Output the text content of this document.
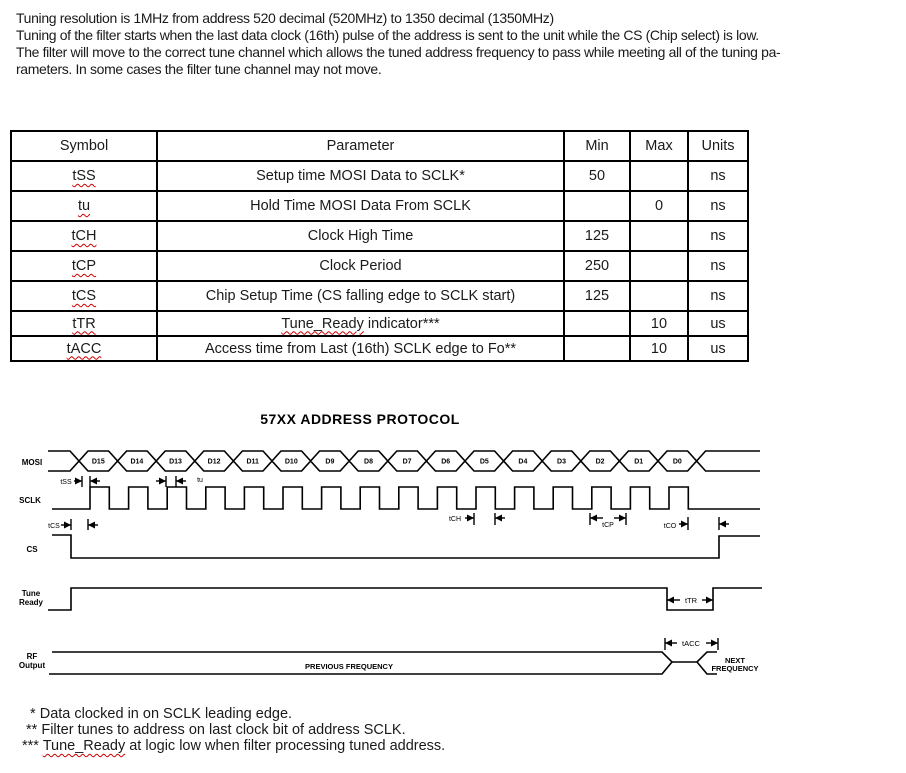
Tuning resolution is 1MHz from address 520 decimal (520MHz) to 1350 decimal (1350MHz)

Tuning of the filter starts when the last data clock (16th) pulse of the address is sent to the unit while the CS (Chip select) is low.

The filter will move to the correct tune channel which allows the tuned address frequency to pass while meeting all of the tuning pa-

rameters. In some cases the filter tune channel may not move.

Symbol	Parameter	Min	Max	Units
tSS	Setup time MOSI Data to SCLK*	50		ns
tu	Hold Time MOSI Data From SCLK		0	ns
tCH	Clock High Time	125		ns
tCP	Clock Period	250		ns
tCS	Chip Setup Time (CS falling edge to SCLK start)	125		ns
tTR	Tune_Ready indicator***		10	us
tACC	Access time from Last (16th) SCLK edge to Fo**		10	us
57XX ADDRESS PROTOCOL
MOSI
SCLK
CS
Tune
Ready
RF
Output
D15	D14	D13	D12	D11	D10	D9	D8	D7	D6	D5	D4	D3	D2	D1	D0
PREVIOUS FREQUENCY
NEXT
FREQUENCY
tSS	tu
tCS
tCH
tCP	tCO
tTR
tACC
* Data clocked in on SCLK leading edge.
** Filter tunes to address on last clock bit of address SCLK.
*** Tune_Ready at logic low when filter processing tuned address.
